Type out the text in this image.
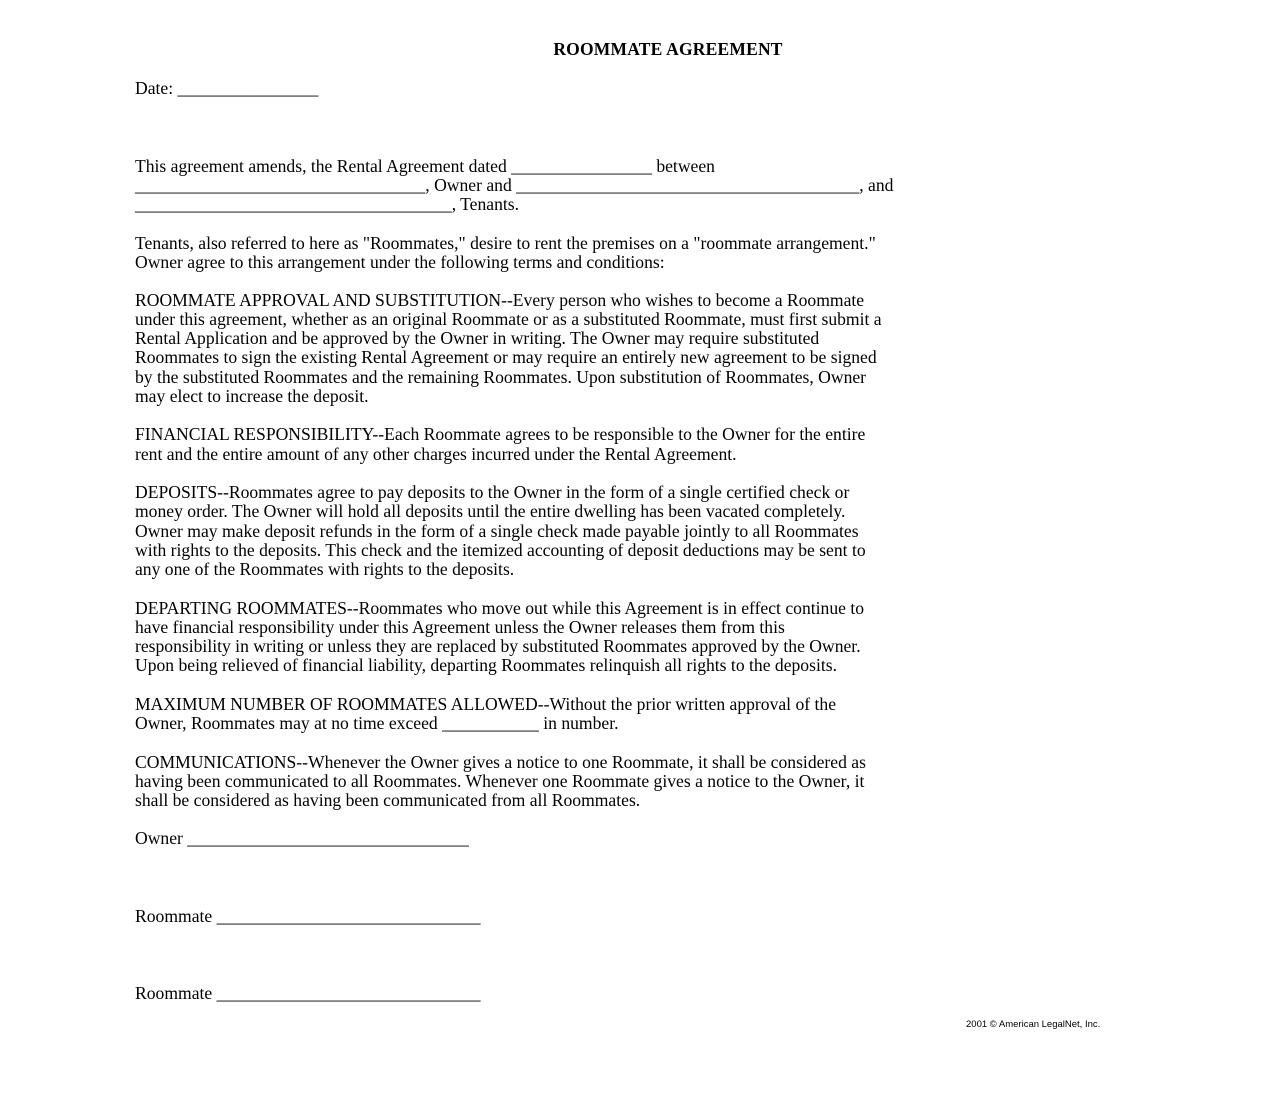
ROOMMATE AGREEMENT
Date: ________________
This agreement amends, the Rental Agreement dated ________________ between
_________________________________, Owner and _______________________________________, and
____________________________________, Tenants.
Tenants, also referred to here as "Roommates," desire to rent the premises on a "roommate arrangement."
Owner agree to this arrangement under the following terms and conditions:
ROOMMATE APPROVAL AND SUBSTITUTION--Every person who wishes to become a Roommate
under this agreement, whether as an original Roommate or as a substituted Roommate, must first submit a
Rental Application and be approved by the Owner in writing. The Owner may require substituted
Roommates to sign the existing Rental Agreement or may require an entirely new agreement to be signed
by the substituted Roommates and the remaining Roommates. Upon substitution of Roommates, Owner
may elect to increase the deposit.
FINANCIAL RESPONSIBILITY--Each Roommate agrees to be responsible to the Owner for the entire
rent and the entire amount of any other charges incurred under the Rental Agreement.
DEPOSITS--Roommates agree to pay deposits to the Owner in the form of a single certified check or
money order. The Owner will hold all deposits until the entire dwelling has been vacated completely.
Owner may make deposit refunds in the form of a single check made payable jointly to all Roommates
with rights to the deposits. This check and the itemized accounting of deposit deductions may be sent to
any one of the Roommates with rights to the deposits.
DEPARTING ROOMMATES--Roommates who move out while this Agreement is in effect continue to
have financial responsibility under this Agreement unless the Owner releases them from this
responsibility in writing or unless they are replaced by substituted Roommates approved by the Owner.
Upon being relieved of financial liability, departing Roommates relinquish all rights to the deposits.
MAXIMUM NUMBER OF ROOMMATES ALLOWED--Without the prior written approval of the
Owner, Roommates may at no time exceed ___________ in number.
COMMUNICATIONS--Whenever the Owner gives a notice to one Roommate, it shall be considered as
having been communicated to all Roommates. Whenever one Roommate gives a notice to the Owner, it
shall be considered as having been communicated from all Roommates.
Owner ________________________________
Roommate ______________________________
Roommate ______________________________
2001 © American LegalNet, Inc.
